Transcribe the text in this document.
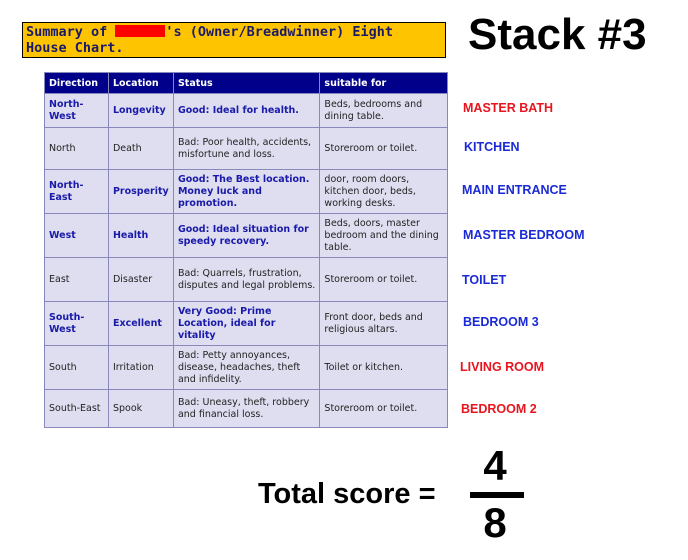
Summary of	's (Owner/Breadwinner) Eight
House Chart.	Stack #3
Direction	Location	Status	suitable for
North-West	Longevity	Good: Ideal for health.	Beds, bedrooms and dining table.
North	Death	Bad: Poor health, accidents, misfortune and loss.	Storeroom or toilet.
North-East	Prosperity	Good: The Best location. Money luck and promotion.	door, room doors, kitchen door, beds, working desks.
West	Health	Good: Ideal situation for speedy recovery.	Beds, doors, master bedroom and the dining table.
East	Disaster	Bad: Quarrels, frustration, disputes and legal problems.	Storeroom or toilet.
South-West	Excellent	Very Good: Prime Location, ideal for vitality	Front door, beds and religious altars.
South	Irritation	Bad: Petty annoyances, disease, headaches, theft and infidelity.	Toilet or kitchen.
South-East	Spook	Bad: Uneasy, theft, robbery and financial loss.	Storeroom or toilet.
MASTER BATH
KITCHEN
MAIN ENTRANCE
MASTER BEDROOM
TOILET
BEDROOM 3
LIVING ROOM
BEDROOM 2
Total score =
4
8
